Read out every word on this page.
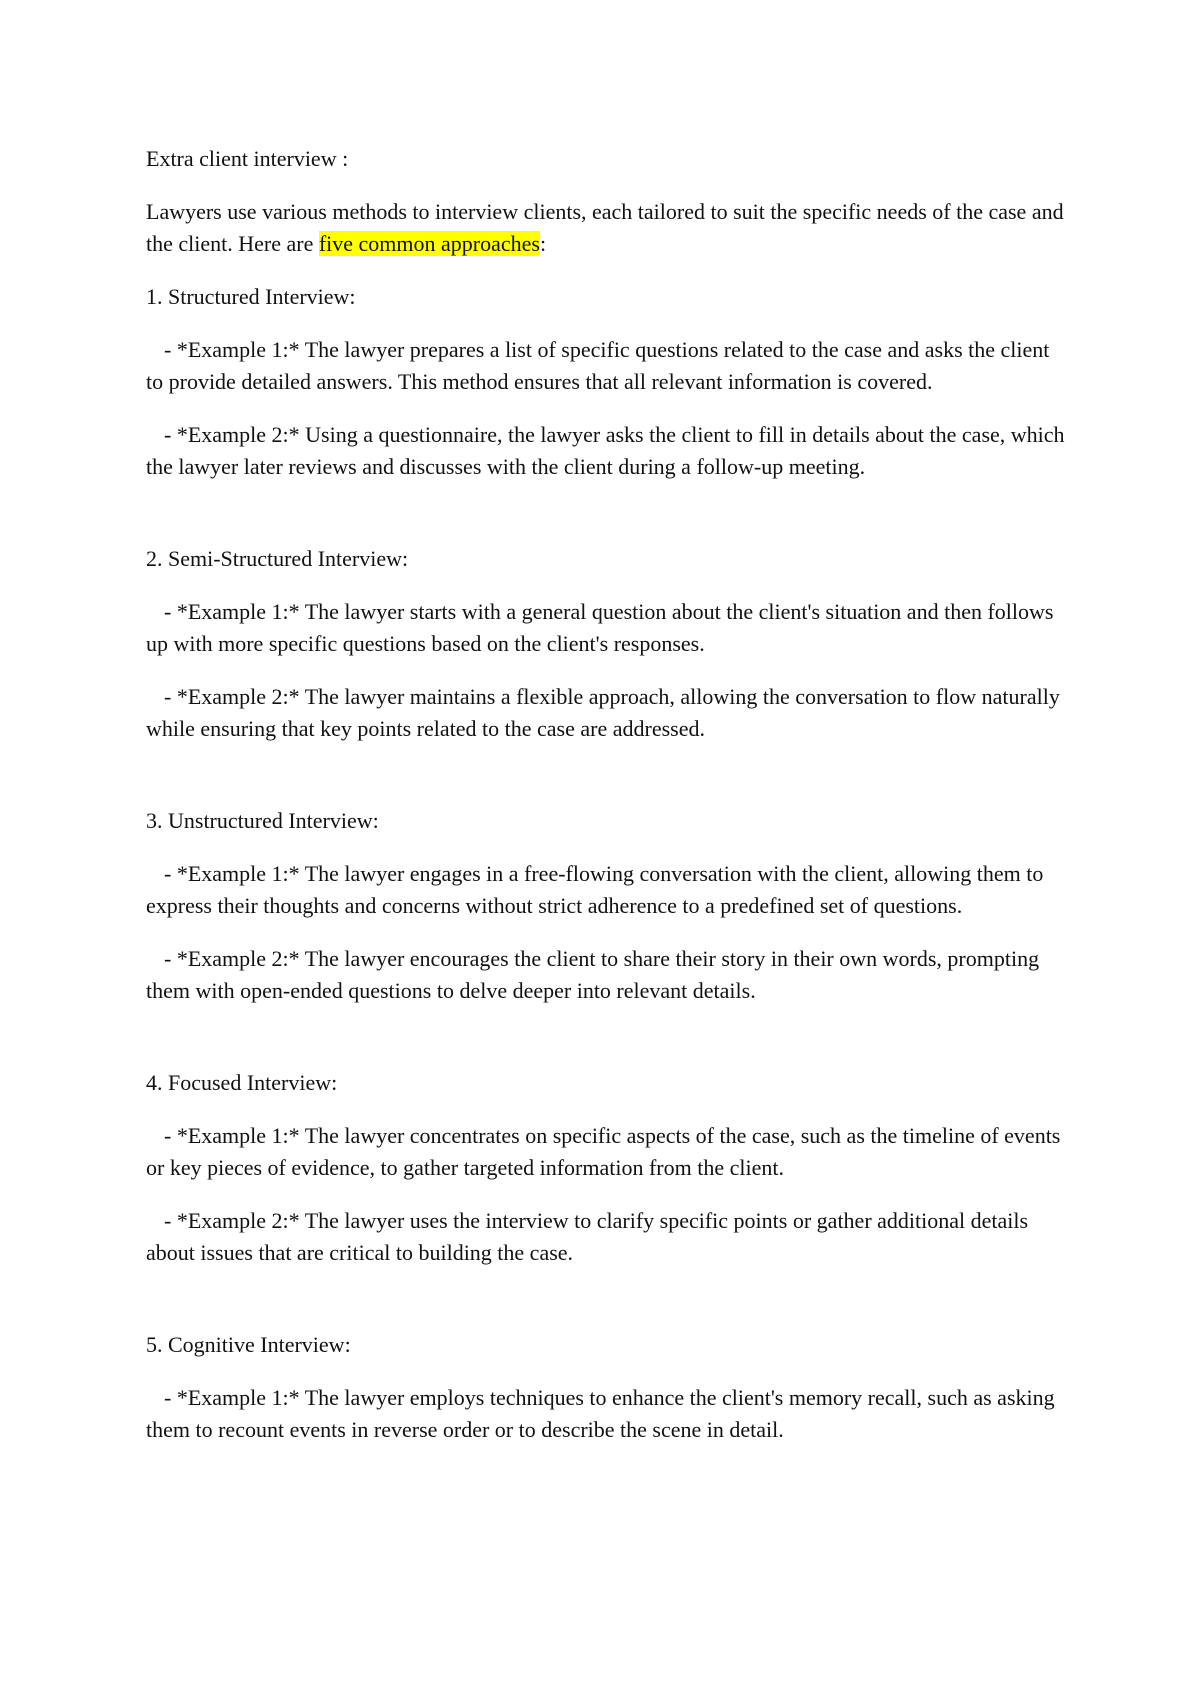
Extra client interview :

Lawyers use various methods to interview clients, each tailored to suit the specific needs of the case and the client. Here are five common approaches:

1. Structured Interview:

- *Example 1:* The lawyer prepares a list of specific questions related to the case and asks the client to provide detailed answers. This method ensures that all relevant information is covered.

- *Example 2:* Using a questionnaire, the lawyer asks the client to fill in details about the case, which the lawyer later reviews and discusses with the client during a follow-up meeting.

2. Semi-Structured Interview:

- *Example 1:* The lawyer starts with a general question about the client's situation and then follows up with more specific questions based on the client's responses.

- *Example 2:* The lawyer maintains a flexible approach, allowing the conversation to flow naturally while ensuring that key points related to the case are addressed.

3. Unstructured Interview:

- *Example 1:* The lawyer engages in a free-flowing conversation with the client, allowing them to express their thoughts and concerns without strict adherence to a predefined set of questions.

- *Example 2:* The lawyer encourages the client to share their story in their own words, prompting them with open-ended questions to delve deeper into relevant details.

4. Focused Interview:

- *Example 1:* The lawyer concentrates on specific aspects of the case, such as the timeline of events or key pieces of evidence, to gather targeted information from the client.

- *Example 2:* The lawyer uses the interview to clarify specific points or gather additional details about issues that are critical to building the case.

5. Cognitive Interview:

- *Example 1:* The lawyer employs techniques to enhance the client's memory recall, such as asking them to recount events in reverse order or to describe the scene in detail.
